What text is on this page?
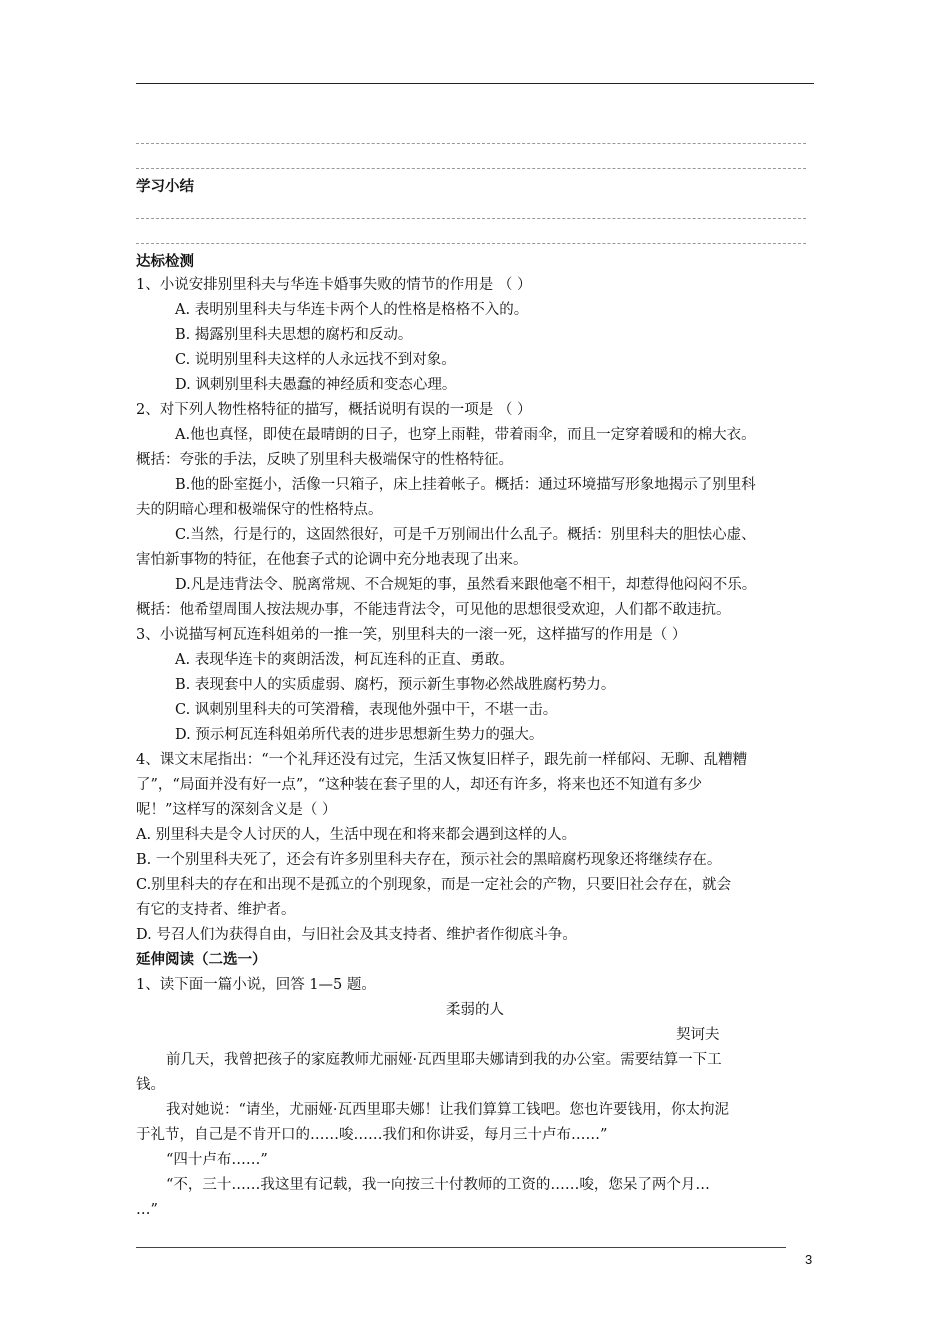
学习小结
达标检测
1、小说安排别里科夫与华连卡婚事失败的情节的作用是 （ ）
A. 表明别里科夫与华连卡两个人的性格是格格不入的。
B. 揭露别里科夫思想的腐朽和反动。
C. 说明别里科夫这样的人永远找不到对象。
D. 讽刺别里科夫愚蠢的神经质和变态心理。
2、对下列人物性格特征的描写，概括说明有误的一项是 （ ）
A.他也真怪，即使在最晴朗的日子，也穿上雨鞋，带着雨伞，而且一定穿着暖和的棉大衣。
概括：夸张的手法，反映了别里科夫极端保守的性格特征。
B.他的卧室挺小，活像一只箱子，床上挂着帐子。概括：通过环境描写形象地揭示了别里科
夫的阴暗心理和极端保守的性格特点。
C.当然，行是行的，这固然很好，可是千万别闹出什么乱子。概括：别里科夫的胆怯心虚、
害怕新事物的特征，在他套子式的论调中充分地表现了出来。
D.凡是违背法令、脱离常规、不合规矩的事，虽然看来跟他毫不相干，却惹得他闷闷不乐。
概括：他希望周围人按法规办事，不能违背法令，可见他的思想很受欢迎，人们都不敢违抗。
3、小说描写柯瓦连科姐弟的一推一笑，别里科夫的一滚一死，这样描写的作用是（ ）
A. 表现华连卡的爽朗活泼，柯瓦连科的正直、勇敢。
B. 表现套中人的实质虚弱、腐朽，预示新生事物必然战胜腐朽势力。
C. 讽刺别里科夫的可笑滑稽，表现他外强中干，不堪一击。
D. 预示柯瓦连科姐弟所代表的进步思想新生势力的强大。
4、课文末尾指出：“一个礼拜还没有过完，生活又恢复旧样子，跟先前一样郁闷、无聊、乱糟糟
了”，“局面并没有好一点”，“这种装在套子里的人，却还有许多，将来也还不知道有多少
呢！”这样写的深刻含义是（ ）
A. 别里科夫是令人讨厌的人，生活中现在和将来都会遇到这样的人。
B. 一个别里科夫死了，还会有许多别里科夫存在，预示社会的黑暗腐朽现象还将继续存在。
C.别里科夫的存在和出现不是孤立的个别现象，而是一定社会的产物，只要旧社会存在，就会
有它的支持者、维护者。
D. 号召人们为获得自由，与旧社会及其支持者、维护者作彻底斗争。
延伸阅读（二选一）
1、读下面一篇小说，回答 1—5 题。
柔弱的人
契诃夫
前几天，我曾把孩子的家庭教师尤丽娅·瓦西里耶夫娜请到我的办公室。需要结算一下工
钱。
我对她说：“请坐，尤丽娅·瓦西里耶夫娜！让我们算算工钱吧。您也许要钱用，你太拘泥
于礼节，自己是不肯开口的……唆……我们和你讲妥，每月三十卢布……”
“四十卢布……”
“不，三十……我这里有记载，我一向按三十付教师的工资的……唆，您呆了两个月…
…”
3
